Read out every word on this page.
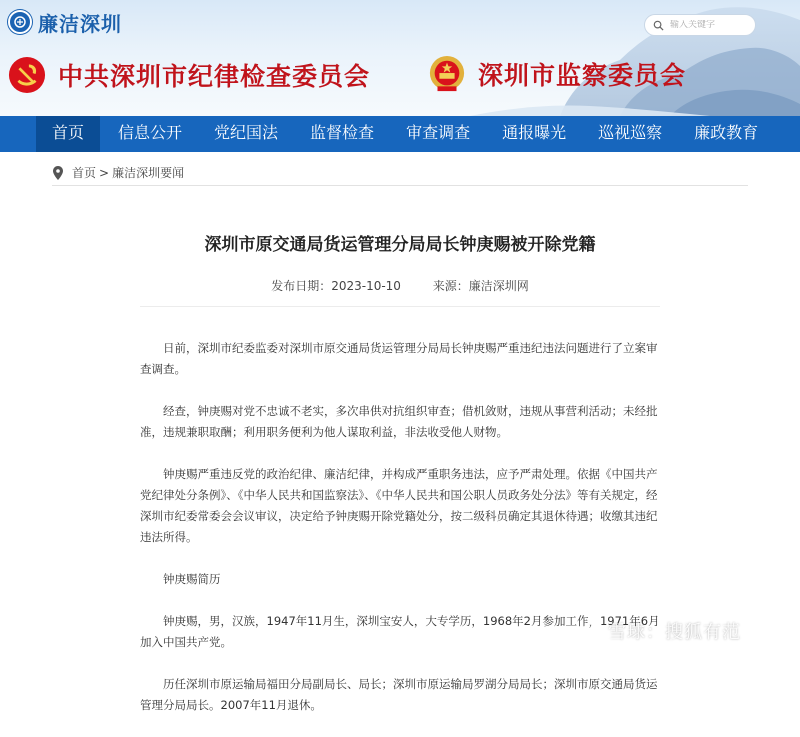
廉洁深圳
输入关键字
中共深圳市纪律检查委员会	深圳市监察委员会
首页	信息公开	党纪国法	监督检查	审查调查	通报曝光	巡视巡察	廉政教育
首页 > 廉洁深圳要闻
深圳市原交通局货运管理分局局长钟庚赐被开除党籍
发布日期：2023-10-10	来源：廉洁深圳网

日前，深圳市纪委监委对深圳市原交通局货运管理分局局长钟庚赐严重违纪违法问题进行了立案审查调查。

经查，钟庚赐对党不忠诚不老实，多次串供对抗组织审查；借机敛财，违规从事营利活动；未经批准，违规兼职取酬；利用职务便利为他人谋取利益，非法收受他人财物。

钟庚赐严重违反党的政治纪律、廉洁纪律，并构成严重职务违法，应予严肃处理。依据《中国共产党纪律处分条例》、《中华人民共和国监察法》、《中华人民共和国公职人员政务处分法》等有关规定，经深圳市纪委常委会会议审议，决定给予钟庚赐开除党籍处分，按二级科员确定其退休待遇；收缴其违纪违法所得。

钟庚赐简历

钟庚赐，男，汉族，1947年11月生，深圳宝安人，大专学历，1968年2月参加工作，1971年6月加入中国共产党。

历任深圳市原运输局福田分局副局长、局长；深圳市原运输局罗湖分局局长；深圳市原交通局货运管理分局局长。2007年11月退休。

雪球：搜狐有范
